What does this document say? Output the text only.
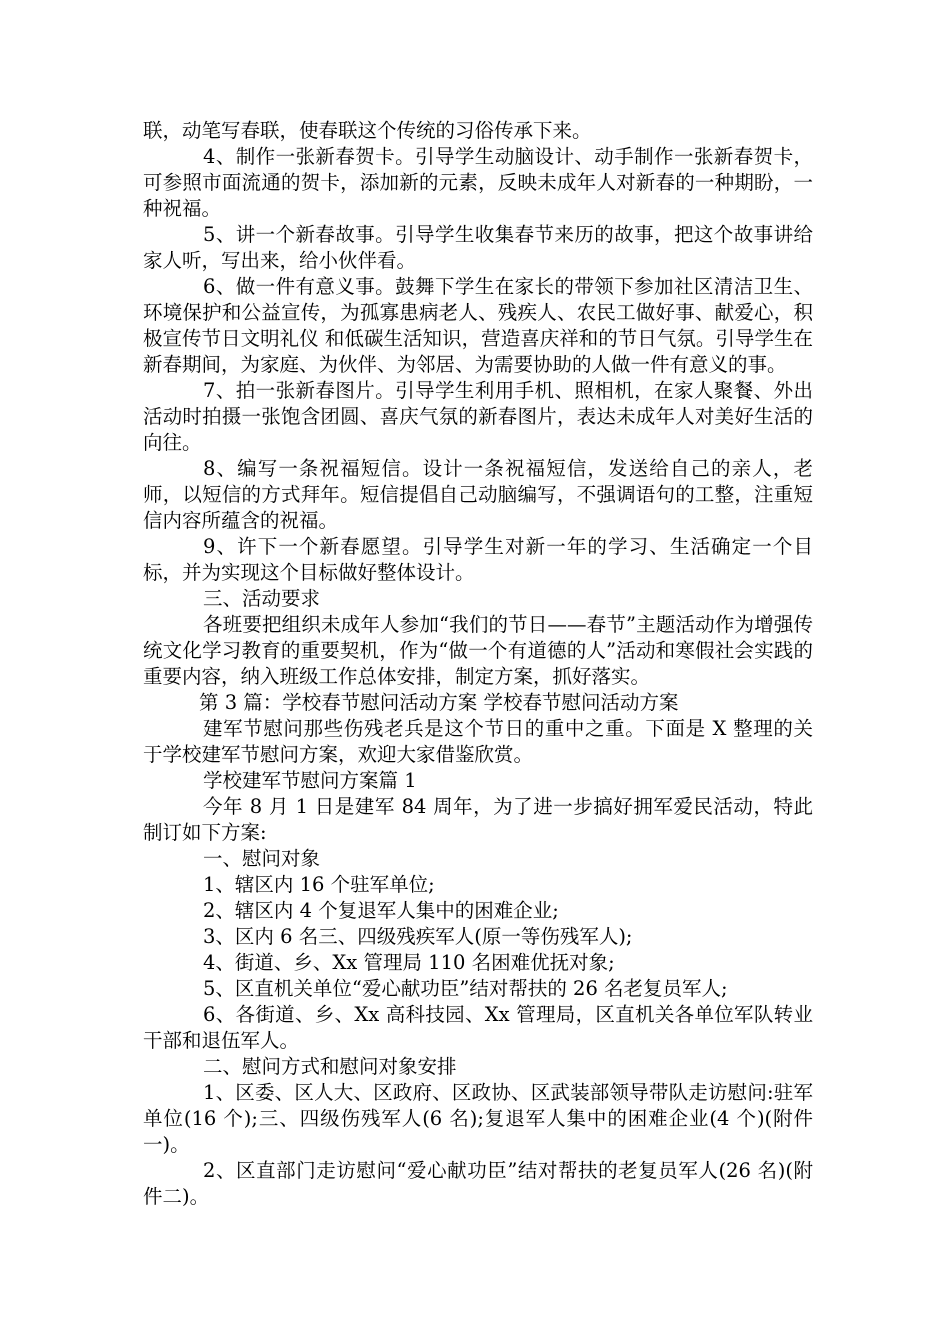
联，动笔写春联，使春联这个传统的习俗传承下来。

4、制作一张新春贺卡。引导学生动脑设计、动手制作一张新春贺卡，可参照市面流通的贺卡，添加新的元素，反映未成年人对新春的一种期盼，一种祝福。

5、讲一个新春故事。引导学生收集春节来历的故事，把这个故事讲给家人听，写出来，给小伙伴看。

6、做一件有意义事。鼓舞下学生在家长的带领下参加社区清洁卫生、环境保护和公益宣传，为孤寡患病老人、残疾人、农民工做好事、献爱心，积极宣传节日文明礼仪 和低碳生活知识，营造喜庆祥和的节日气氛。引导学生在新春期间，为家庭、为伙伴、为邻居、为需要协助的人做一件有意义的事。

7、拍一张新春图片。引导学生利用手机、照相机，在家人聚餐、外出活动时拍摄一张饱含团圆、喜庆气氛的新春图片，表达未成年人对美好生活的向往。

8、编写一条祝福短信。设计一条祝福短信，发送给自己的亲人，老师，以短信的方式拜年。短信提倡自己动脑编写，不强调语句的工整，注重短信内容所蕴含的祝福。

9、许下一个新春愿望。引导学生对新一年的学习、生活确定一个目标，并为实现这个目标做好整体设计。

三、活动要求

各班要把组织未成年人参加“我们的节日——春节”主题活动作为增强传统文化学习教育的重要契机，作为“做一个有道德的人”活动和寒假社会实践的重要内容，纳入班级工作总体安排，制定方案，抓好落实。

第 3 篇：学校春节慰问活动方案 学校春节慰问活动方案

建军节慰问那些伤残老兵是这个节日的重中之重。下面是 X 整理的关于学校建军节慰问方案，欢迎大家借鉴欣赏。

学校建军节慰问方案篇 1

今年 8 月 1 日是建军 84 周年，为了进一步搞好拥军爱民活动，特此制订如下方案:

一、慰问对象

1、辖区内 16 个驻军单位;

2、辖区内 4 个复退军人集中的困难企业;

3、区内 6 名三、四级残疾军人(原一等伤残军人);

4、街道、乡、Xx 管理局 110 名困难优抚对象;

5、区直机关单位“爱心献功臣”结对帮扶的 26 名老复员军人;

6、各街道、乡、Xx 高科技园、Xx 管理局，区直机关各单位军队转业干部和退伍军人。

二、慰问方式和慰问对象安排

1、区委、区人大、区政府、区政协、区武装部领导带队走访慰问:驻军单位(16 个);三、四级伤残军人(6 名);复退军人集中的困难企业(4 个)(附件一)。

2、区直部门走访慰问“爱心献功臣”结对帮扶的老复员军人(26 名)(附件二)。
